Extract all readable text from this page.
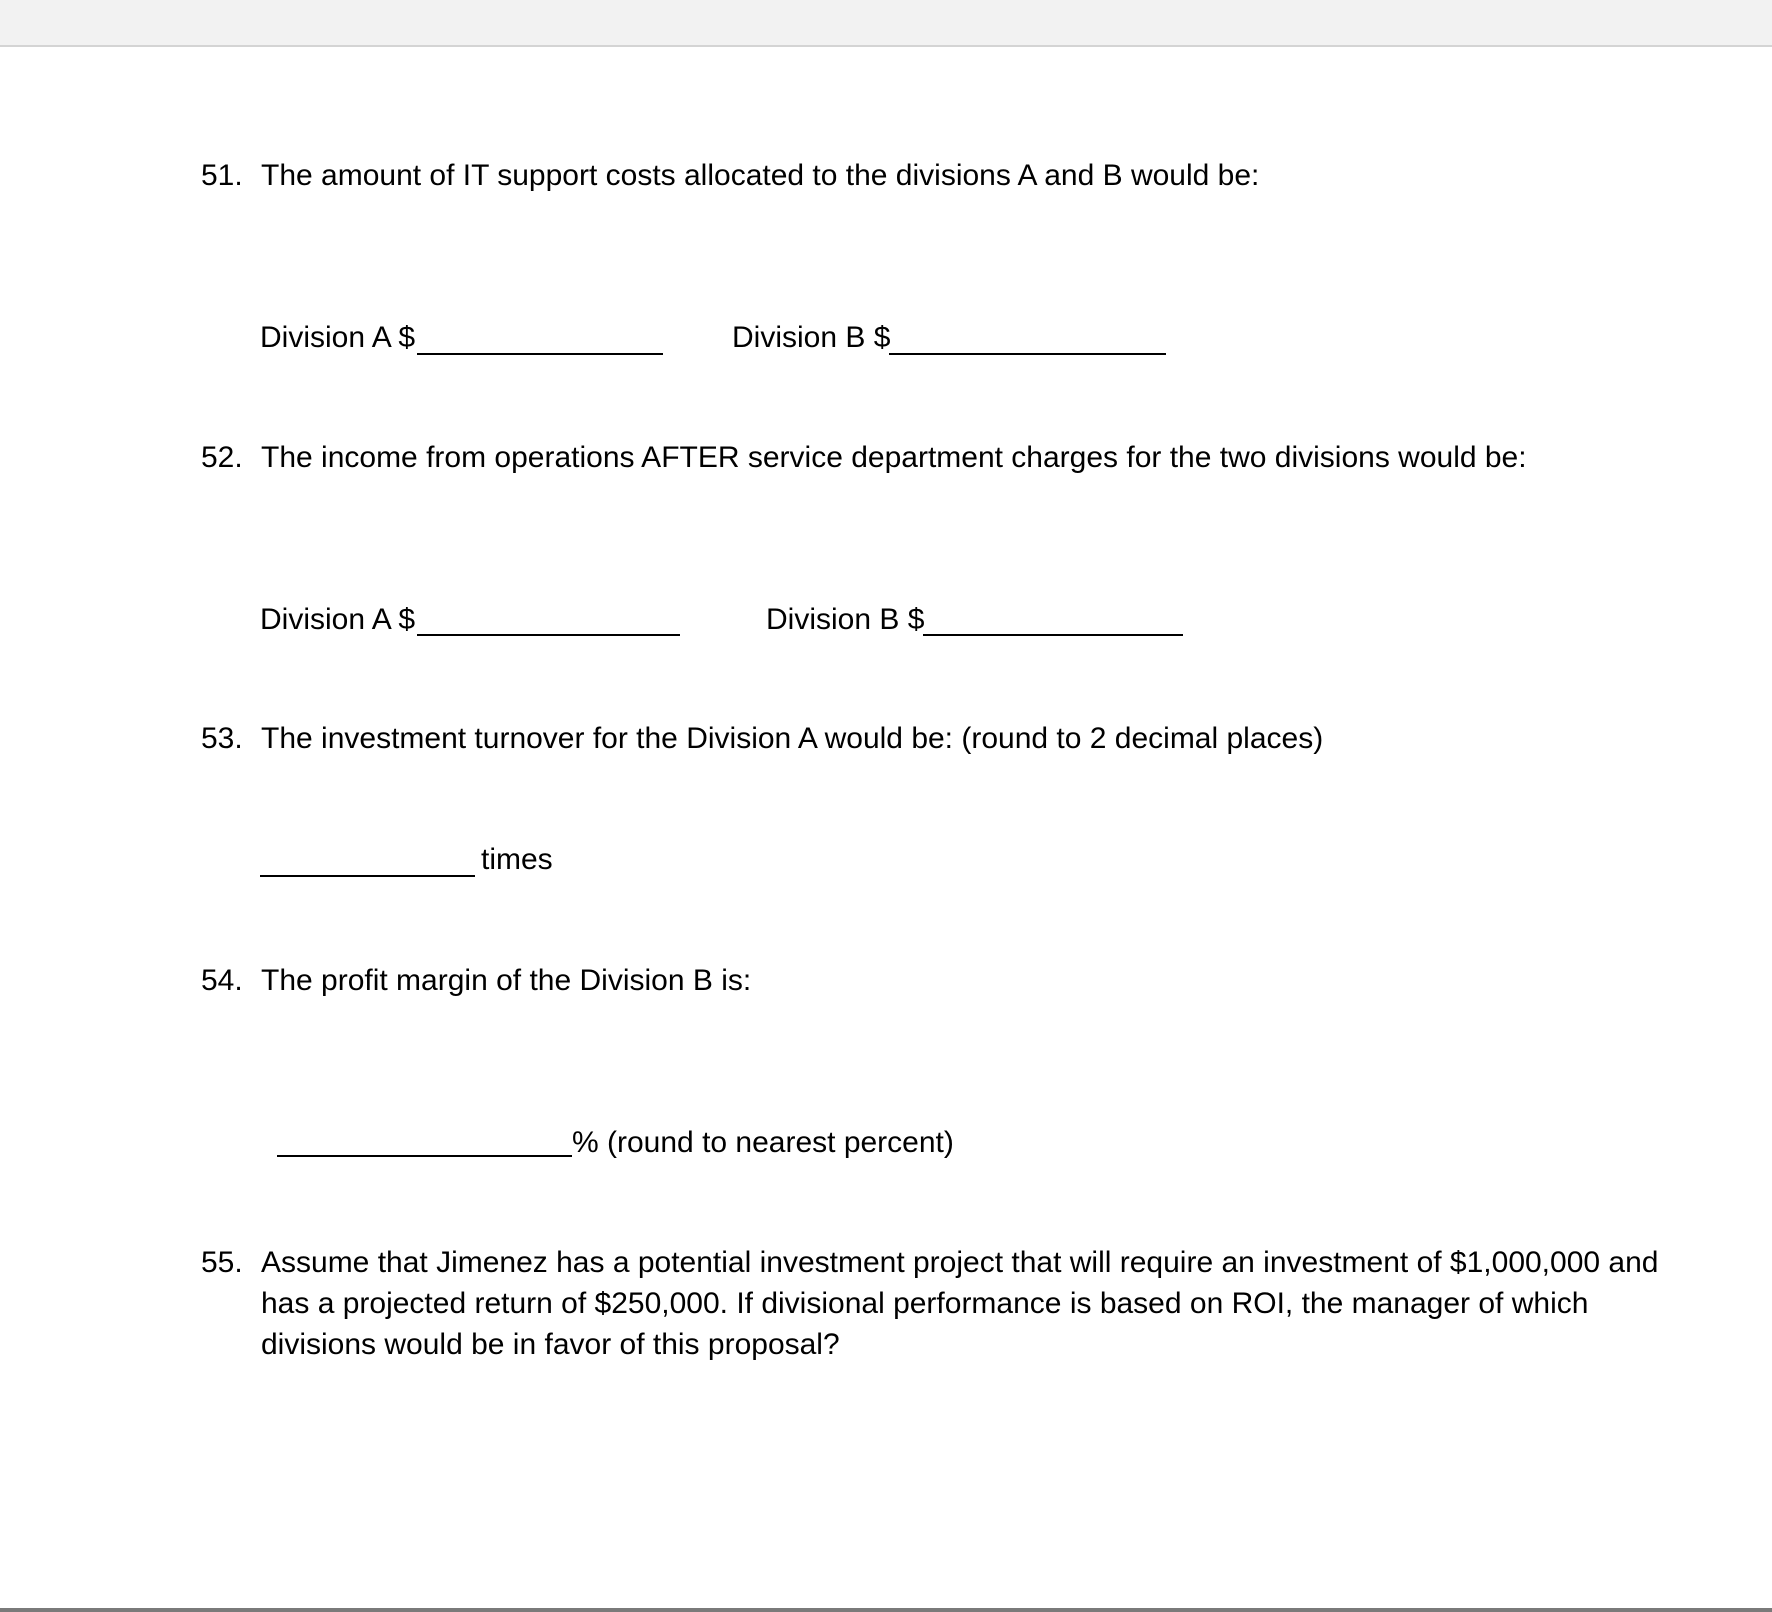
51. The amount of IT support costs allocated to the divisions A and B would be:
Division A $	Division B $
52. The income from operations AFTER service department charges for the two divisions would be:
Division A $	Division B $
53. The investment turnover for the Division A would be: (round to 2 decimal places)
times
54. The profit margin of the Division B is:
% (round to nearest percent)
55. Assume that Jimenez has a potential investment project that will require an investment of $1,000,000 and has a projected return of $250,000. If divisional performance is based on ROI, the manager of which divisions would be in favor of this proposal?
